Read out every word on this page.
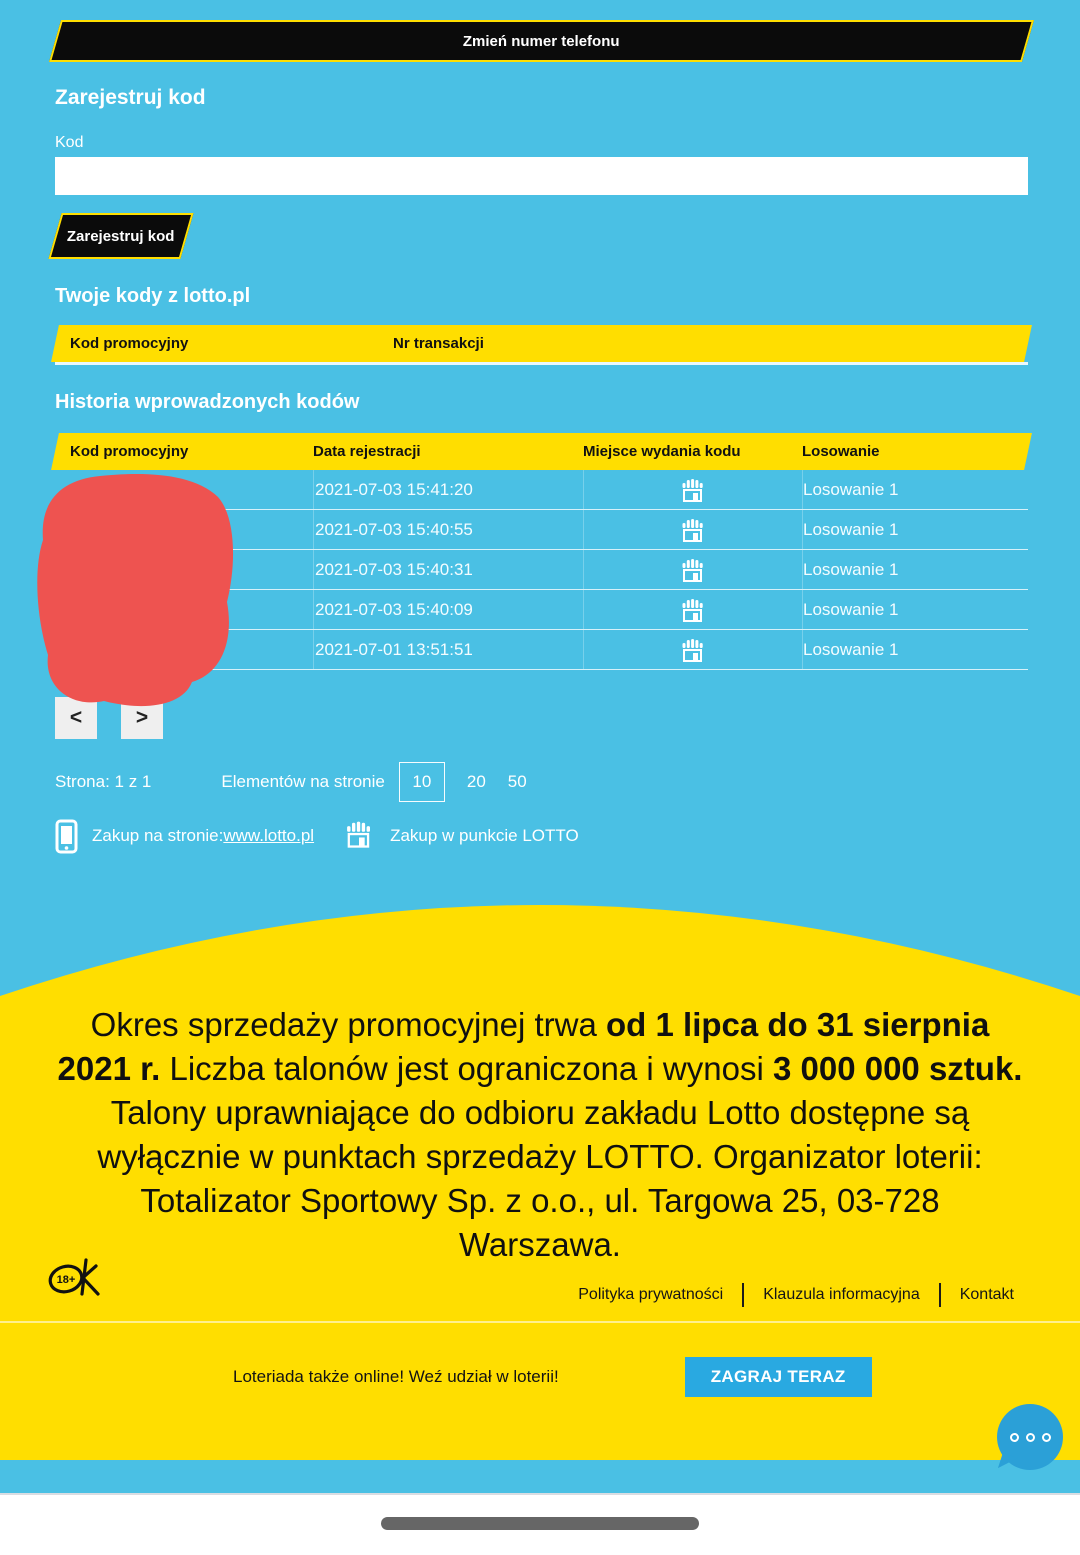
Zmień numer telefonu
Zarejestruj kod
Kod
Zarejestruj kod
Twoje kody z lotto.pl
Kod promocyjny	Nr transakcji
Historia wprowadzonych kodów
Kod promocyjny	Data rejestracji	Miejsce wydania kodu	Losowanie
2021-07-03 15:41:20	Losowanie 1
2021-07-03 15:40:55	Losowanie 1
2021-07-03 15:40:31	Losowanie 1
2021-07-03 15:40:09	Losowanie 1
2021-07-01 13:51:51	Losowanie 1
<	>
Strona: 1 z 1	Elementów na stronie	10	20 50
Zakup na stronie: www.lotto.pl	Zakup w punkcie LOTTO

Okres sprzedaży promocyjnej trwa od 1 lipca do 31 sierpnia 2021 r. Liczba talonów jest ograniczona i wynosi 3 000 000 sztuk.

Talony uprawniające do odbioru zakładu Lotto dostępne są wyłącznie w punktach sprzedaży LOTTO. Organizator loterii: Totalizator Sportowy Sp. z o.o., ul. Targowa 25, 03-728 Warszawa.

Polityka prywatności	Klauzula informacyjna	Kontakt
Loteriada także online! Weź udział w loterii!	ZAGRAJ TERAZ
18+
